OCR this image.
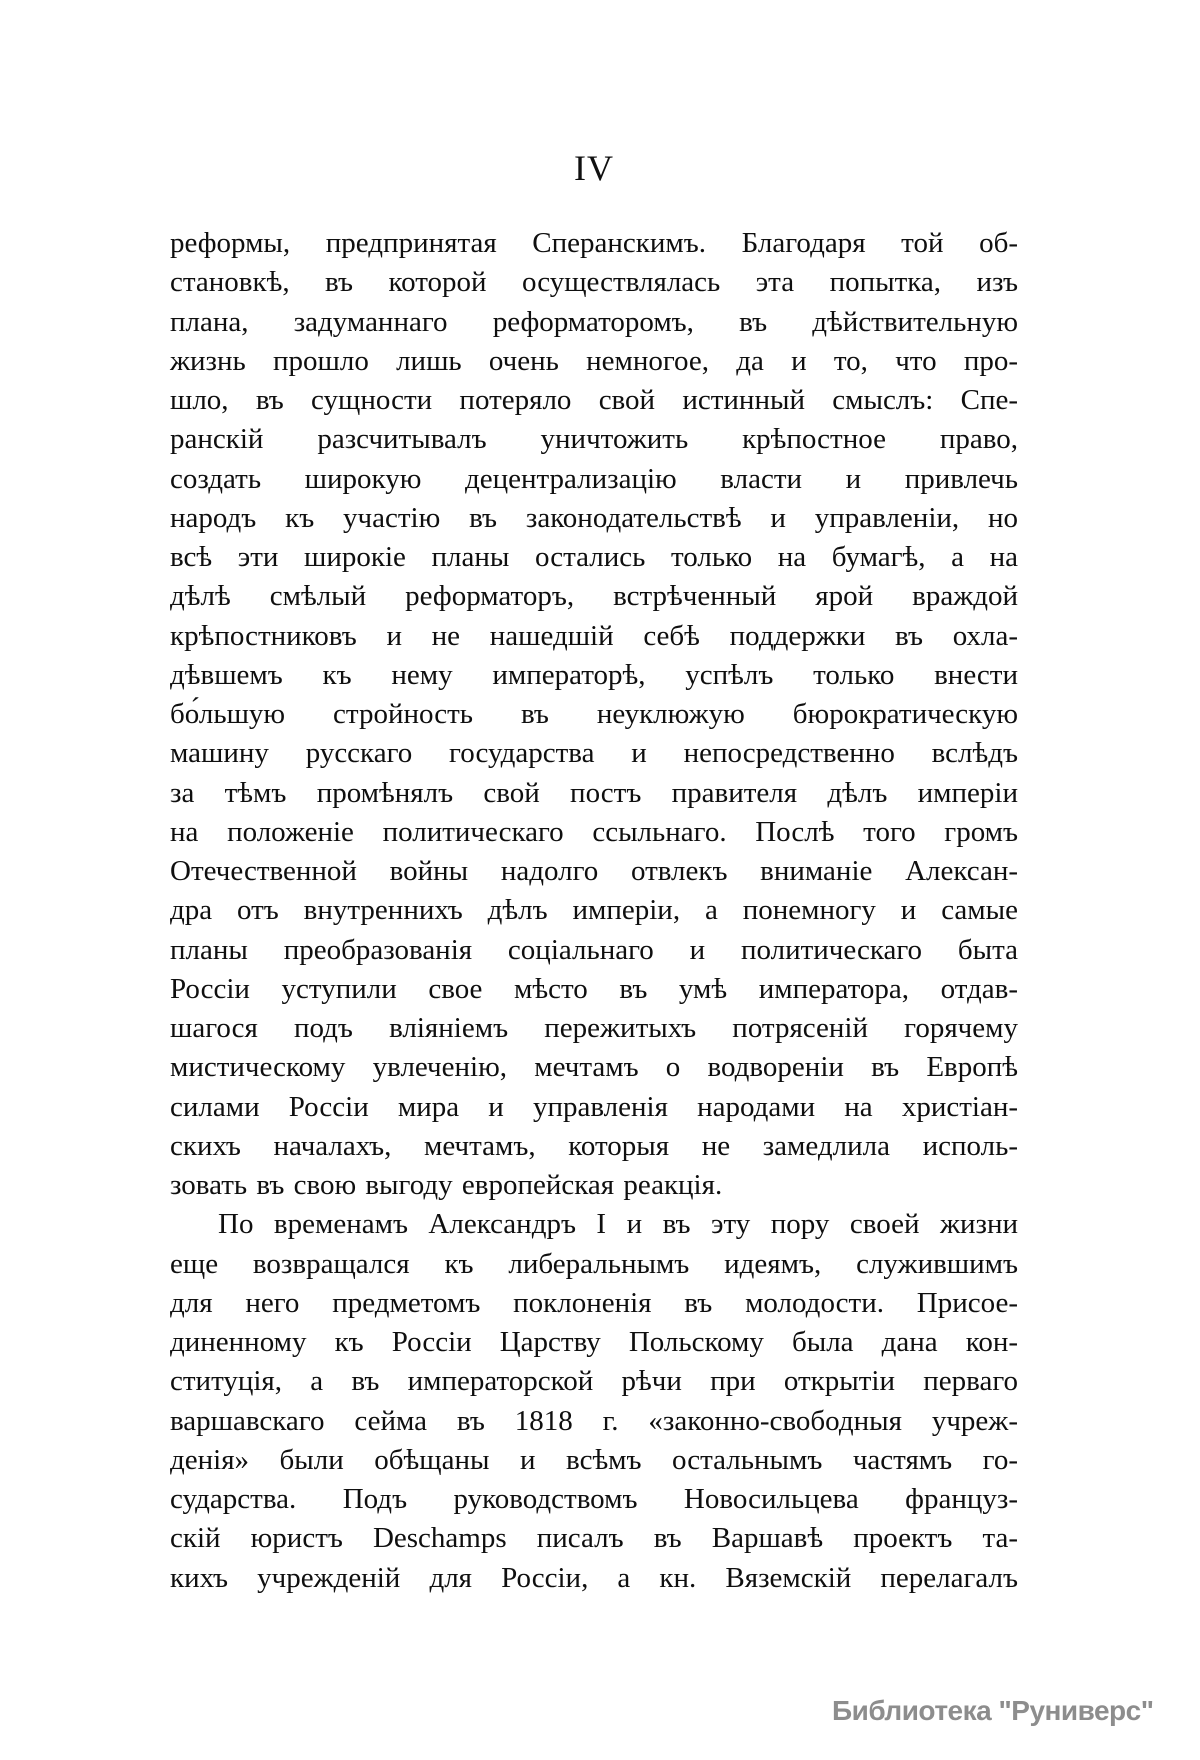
IV
реформы, предпринятая Сперанскимъ. Благодаря той об-
становкѣ, въ которой осуществлялась эта попытка, изъ
плана, задуманнаго реформаторомъ, въ дѣйствительную
жизнь прошло лишь очень немногое, да и то, что про-
шло, въ сущности потеряло свой истинный смыслъ: Спе-
ранскій разсчитывалъ уничтожить крѣпостное право,
создать широкую децентрализацію власти и привлечь
народъ къ участію въ законодательствѣ и управленіи, но
всѣ эти широкіе планы остались только на бумагѣ, а на
дѣлѣ смѣлый реформаторъ, встрѣченный ярой враждой
крѣпостниковъ и не нашедшій себѣ поддержки въ охла-
дѣвшемъ къ нему императорѣ, успѣлъ только внести
бо́льшую стройность въ неуклюжую бюрократическую
машину русскаго государства и непосредственно вслѣдъ
за тѣмъ промѣнялъ свой постъ правителя дѣлъ имперіи
на положеніе политическаго ссыльнаго. Послѣ того громъ
Отечественной войны надолго отвлекъ вниманіе Алексан-
дра отъ внутреннихъ дѣлъ имперіи, а понемногу и самые
планы преобразованія соціальнаго и политическаго быта
Россіи уступили свое мѣсто въ умѣ императора, отдав-
шагося подъ вліяніемъ пережитыхъ потрясеній горячему
мистическому увлеченію, мечтамъ о водвореніи въ Европѣ
силами Россіи мира и управленія народами на христіан-
скихъ началахъ, мечтамъ, которыя не замедлила исполь-
зовать въ свою выгоду европейская реакція.
По временамъ Александръ I и въ эту пору своей жизни
еще возвращался къ либеральнымъ идеямъ, служившимъ
для него предметомъ поклоненія въ молодости. Присое-
диненному къ Россіи Царству Польскому была дана кон-
ституція, а въ императорской рѣчи при открытіи перваго
варшавскаго сейма въ 1818 г. «законно-свободныя учреж-
денія» были обѣщаны и всѣмъ остальнымъ частямъ го-
сударства. Подъ руководствомъ Новосильцева француз-
скій юристъ Deschamps писалъ въ Варшавѣ проектъ та-
кихъ учрежденій для Россіи, а кн. Вяземскій перелагалъ
Библиотека "Руниверс"
